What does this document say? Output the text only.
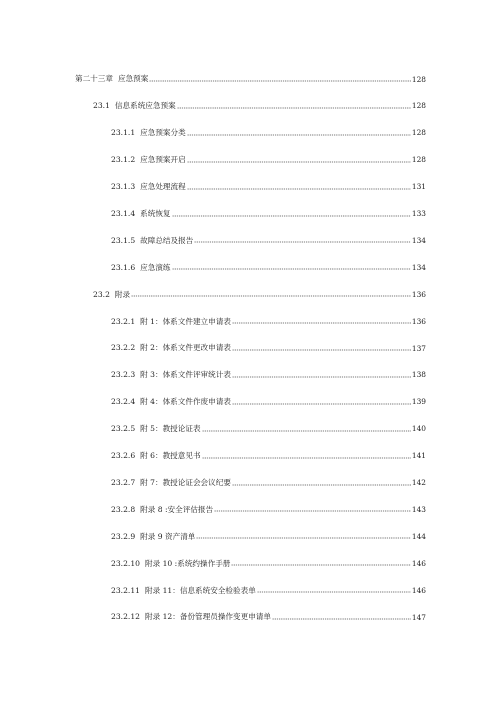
第二十三章 应急预案	128
23.1 信息系统应急预案	128
23.1.1 应急预案分类	128
23.1.2 应急预案开启	128
23.1.3 应急处理流程	131
23.1.4 系统恢复	133
23.1.5 故障总结及报告	134
23.1.6 应急演练	134
23.2 附录	136
23.2.1 附 1：体系文件建立申请表	136
23.2.2 附 2：体系文件更改申请表	137
23.2.3 附 3：体系文件评审统计表	138
23.2.4 附 4：体系文件作废申请表	139
23.2.5 附 5：教授论证表	140
23.2.6 附 6：教授意见书	141
23.2.7 附 7：教授论证会会议纪要	142
23.2.8 附录 8 :安全评估报告	143
23.2.9 附录 9 资产清单	144
23.2.10 附录 10 :系统约操作手册	146
23.2.11 附录 11：信息系统安全检验表单	146
23.2.12 附录 12：备份管理员操作变更申请单	147
